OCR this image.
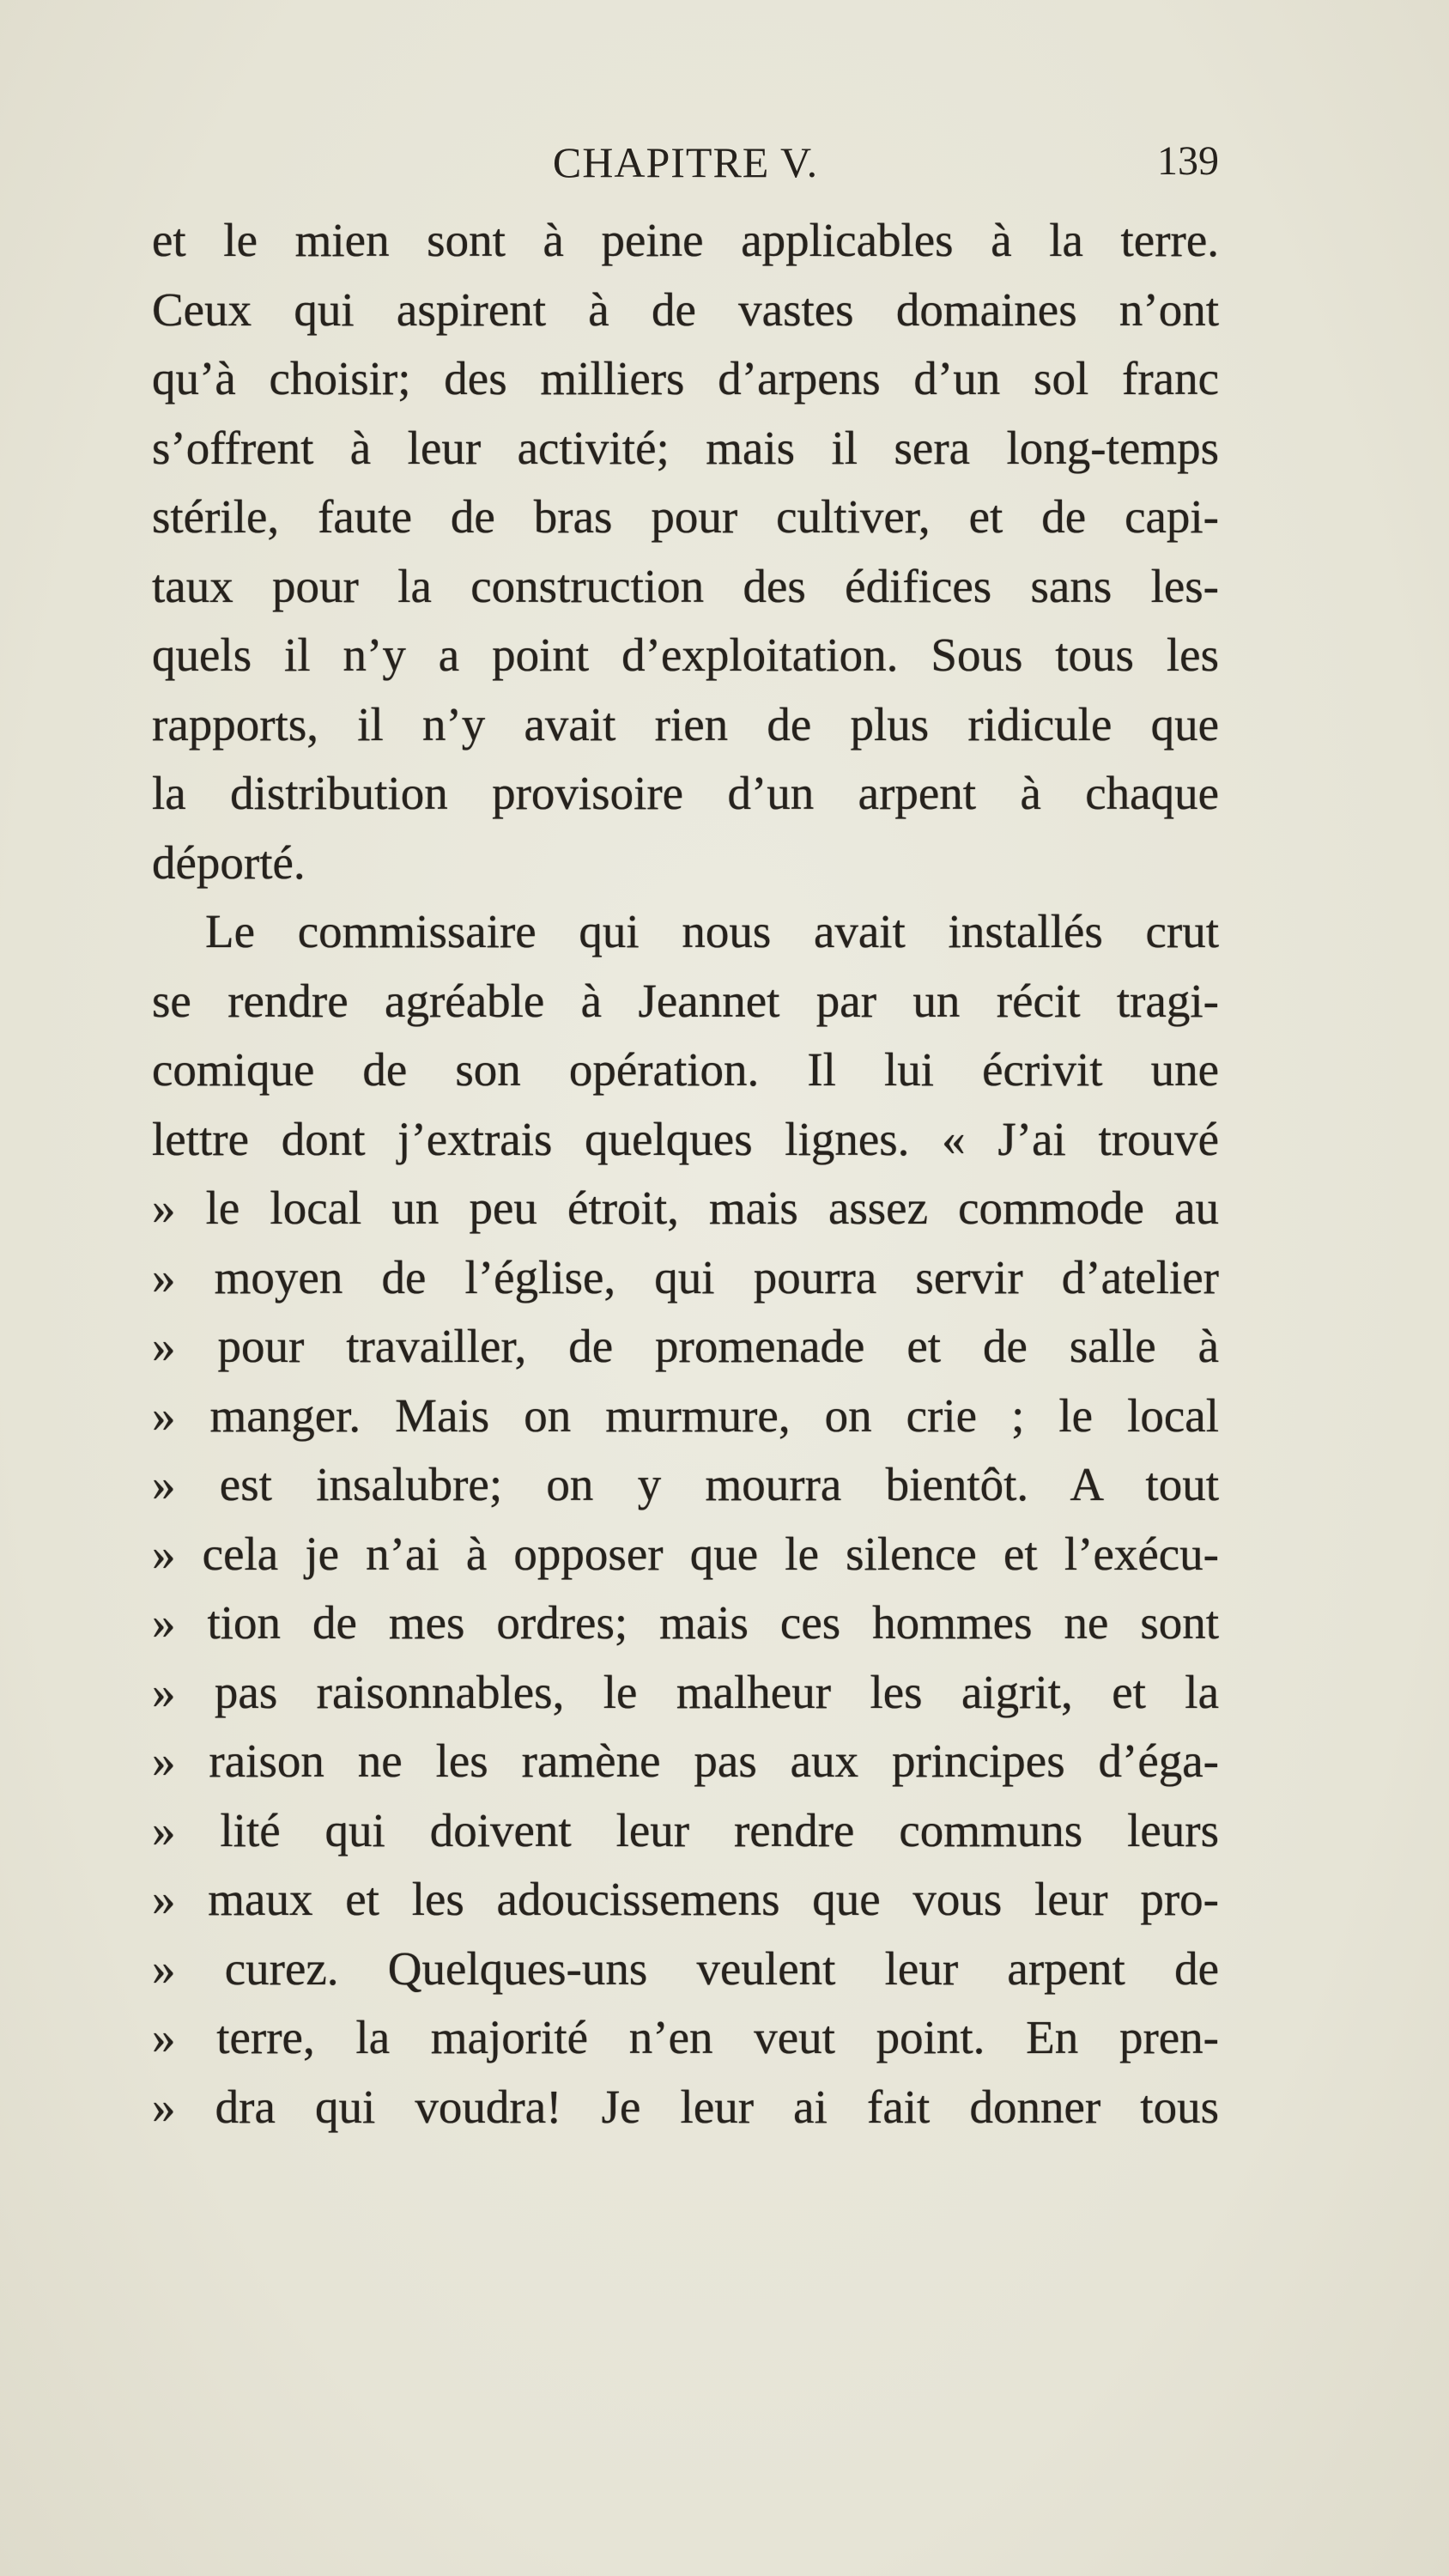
CHAPITRE V.	139
et le mien sont à peine applicables à la terre.
Ceux qui aspirent à de vastes domaines n’ont
qu’à choisir; des milliers d’arpens d’un sol franc
s’offrent à leur activité; mais il sera long-temps
stérile, faute de bras pour cultiver, et de capi-
taux pour la construction des édifices sans les-
quels il n’y a point d’exploitation. Sous tous les
rapports, il n’y avait rien de plus ridicule que
la distribution provisoire d’un arpent à chaque
déporté.
Le commissaire qui nous avait installés crut
se rendre agréable à Jeannet par un récit tragi-
comique de son opération. Il lui écrivit une
lettre dont j’extrais quelques lignes. « J’ai trouvé
» le local un peu étroit, mais assez commode au
» moyen de l’église, qui pourra servir d’atelier
» pour travailler, de promenade et de salle à
» manger. Mais on murmure, on crie ; le local
» est insalubre; on y mourra bientôt. A tout
» cela je n’ai à opposer que le silence et l’exécu-
» tion de mes ordres; mais ces hommes ne sont
» pas raisonnables, le malheur les aigrit, et la
» raison ne les ramène pas aux principes d’éga-
» lité qui doivent leur rendre communs leurs
» maux et les adoucissemens que vous leur pro-
» curez. Quelques-uns veulent leur arpent de
» terre, la majorité n’en veut point. En pren-
» dra qui voudra! Je leur ai fait donner tous
